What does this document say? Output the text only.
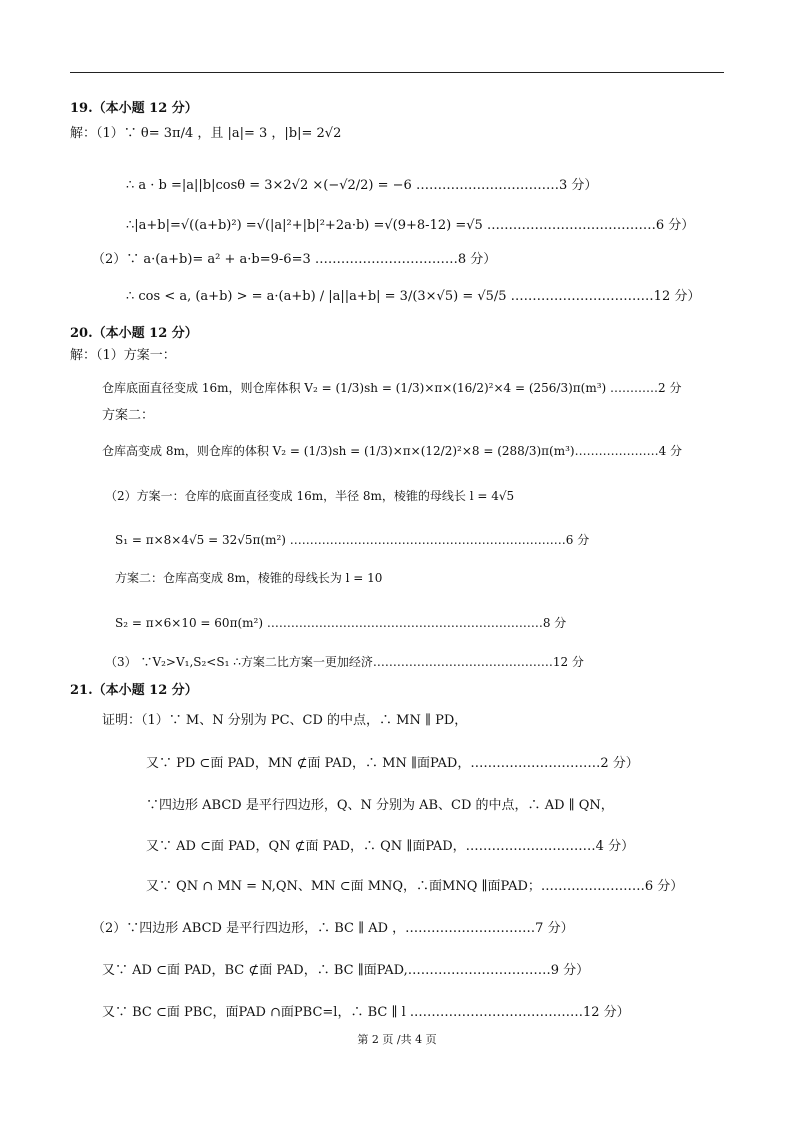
19.（本小题 12 分）
解：（1）∵ θ= 3π/4 ，且 |a|= 3 ，|b|= 2√2
∴ a · b =|a||b|cosθ = 3×2√2 ×(−√2/2) = −6 ……………………………3 分）
∴|a+b|=√((a+b)²) =√(|a|²+|b|²+2a·b) =√(9+8-12) =√5 …………………………………6 分）
（2）∵ a·(a+b)= a² + a·b=9-6=3 ……………………………8 分）
∴ cos < a, (a+b) > = a·(a+b) / |a||a+b| = 3/(3×√5) = √5/5 ……………………………12 分）
20.（本小题 12 分）
解：（1）方案一：
仓库底面直径变成 16m，则仓库体积 V₂ = (1/3)sh = (1/3)×π×(16/2)²×4 = (256/3)π(m³) …………2 分
方案二：
仓库高变成 8m，则仓库的体积 V₂ = (1/3)sh = (1/3)×π×(12/2)²×8 = (288/3)π(m³)…………………4 分
（2）方案一：仓库的底面直径变成 16m，半径 8m，棱锥的母线长 l = 4√5
S₁ = π×8×4√5 = 32√5π(m²) ……………………………………………………………6 分
方案二：仓库高变成 8m，棱锥的母线长为 l = 10
S₂ = π×6×10 = 60π(m²) ……………………………………………………………8 分
（3） ∵V₂>V₁,S₂<S₁ ∴方案二比方案一更加经济………………………………………12 分
21.（本小题 12 分）
证明：（1）∵ M、N 分别为 PC、CD 的中点，∴ MN ∥ PD，
又∵ PD ⊂面 PAD，MN ⊄面 PAD，∴ MN ∥面PAD，…………………………2 分）
∵四边形 ABCD 是平行四边形，Q、N 分别为 AB、CD 的中点，∴ AD ∥ QN，
又∵ AD ⊂面 PAD，QN ⊄面 PAD，∴ QN ∥面PAD，…………………………4 分）
又∵ QN ∩ MN = N,QN、MN ⊂面 MNQ，∴面MNQ ∥面PAD；……………………6 分）
（2）∵四边形 ABCD 是平行四边形，∴ BC ∥ AD ，…………………………7 分）
又∵ AD ⊂面 PAD，BC ⊄面 PAD，∴ BC ∥面PAD,……………………………9 分）
又∵ BC ⊂面 PBC，面PAD ∩面PBC=l，∴ BC ∥ l .…………………………………12 分）
第 2 页 /共 4 页
